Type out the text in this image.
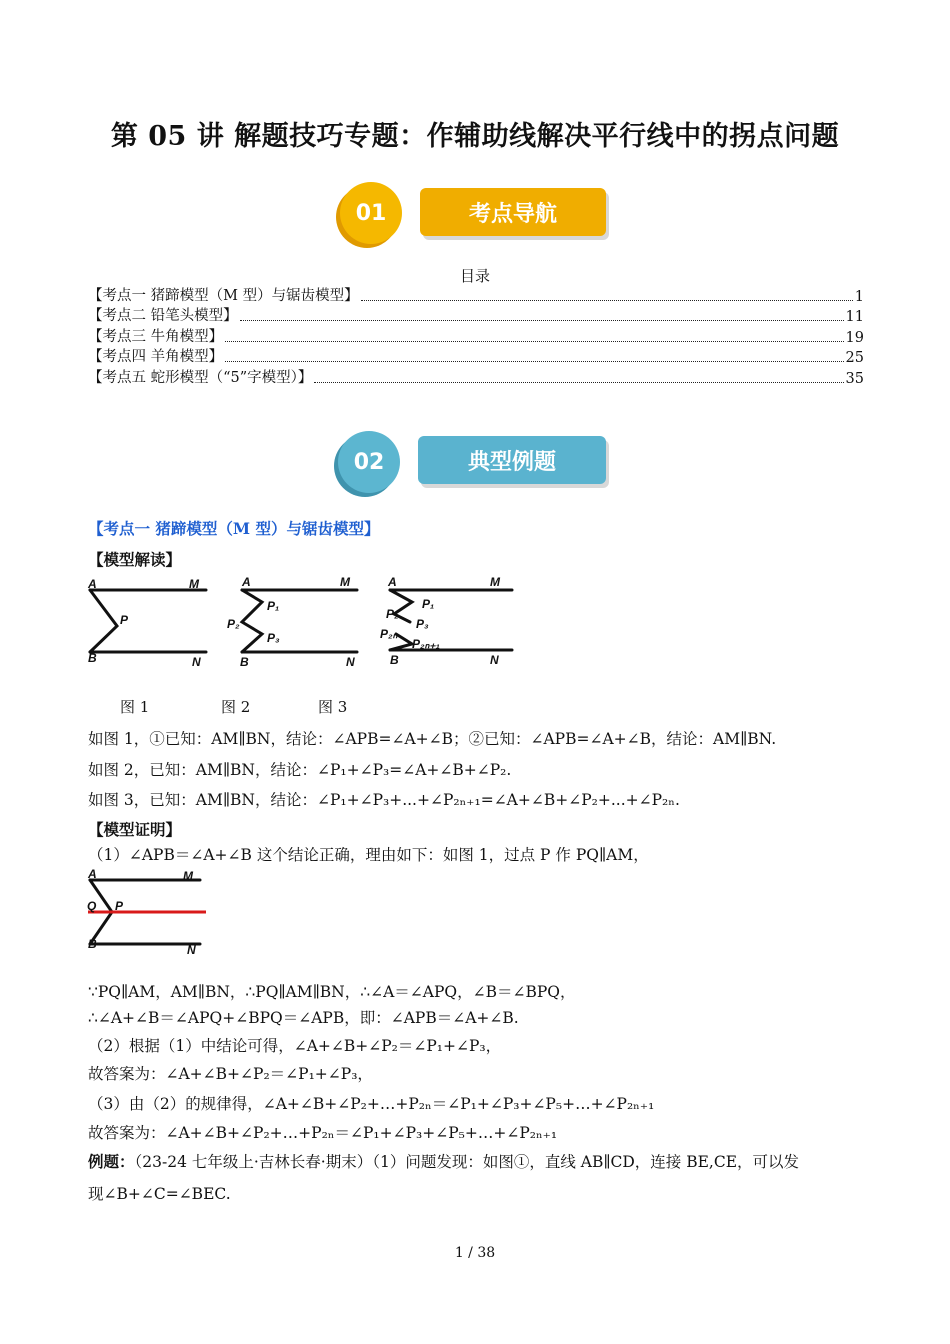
第 05 讲 解题技巧专题：作辅助线解决平行线中的拐点问题
01	考点导航
目录
【考点一 猪蹄模型（M 型）与锯齿模型】	1
【考点二 铅笔头模型】	11
【考点三 牛角模型】	19
【考点四 羊角模型】	25
【考点五 蛇形模型（“5”字模型）】	35
02	典型例题
【考点一 猪蹄模型（M 型）与锯齿模型】
【模型解读】
A	M
P
B	N
A	M
P₁
P₂
P₃
B	N
A	M
P₁
P₂
P₃
P₂ₙ
P₂ₙ₊₁
B	N
图 1	图 2	图 3
如图 1，①已知：AM∥BN，结论：∠APB=∠A+∠B；②已知：∠APB=∠A+∠B，结论：AM∥BN.
如图 2，已知：AM∥BN，结论：∠P₁+∠P₃=∠A+∠B+∠P₂.
如图 3，已知：AM∥BN，结论：∠P₁+∠P₃+...+∠P₂ₙ₊₁=∠A+∠B+∠P₂+...+∠P₂ₙ.
【模型证明】
（1）∠APB＝∠A+∠B 这个结论正确，理由如下：如图 1，过点 P 作 PQ∥AM，
A	M
Q P
B	N
∵PQ∥AM，AM∥BN，∴PQ∥AM∥BN，∴∠A＝∠APQ，∠B＝∠BPQ，
∴∠A+∠B＝∠APQ+∠BPQ＝∠APB，即：∠APB＝∠A+∠B.
（2）根据（1）中结论可得，∠A+∠B+∠P₂＝∠P₁+∠P₃，
故答案为：∠A+∠B+∠P₂＝∠P₁+∠P₃，
（3）由（2）的规律得，∠A+∠B+∠P₂+…+P₂ₙ＝∠P₁+∠P₃+∠P₅+…+∠P₂ₙ₊₁
故答案为：∠A+∠B+∠P₂+…+P₂ₙ＝∠P₁+∠P₃+∠P₅+…+∠P₂ₙ₊₁
例题：（23-24 七年级上·吉林长春·期末）（1）问题发现：如图①，直线 AB∥CD，连接 BE,CE，可以发
现∠B+∠C=∠BEC.
1 / 38
